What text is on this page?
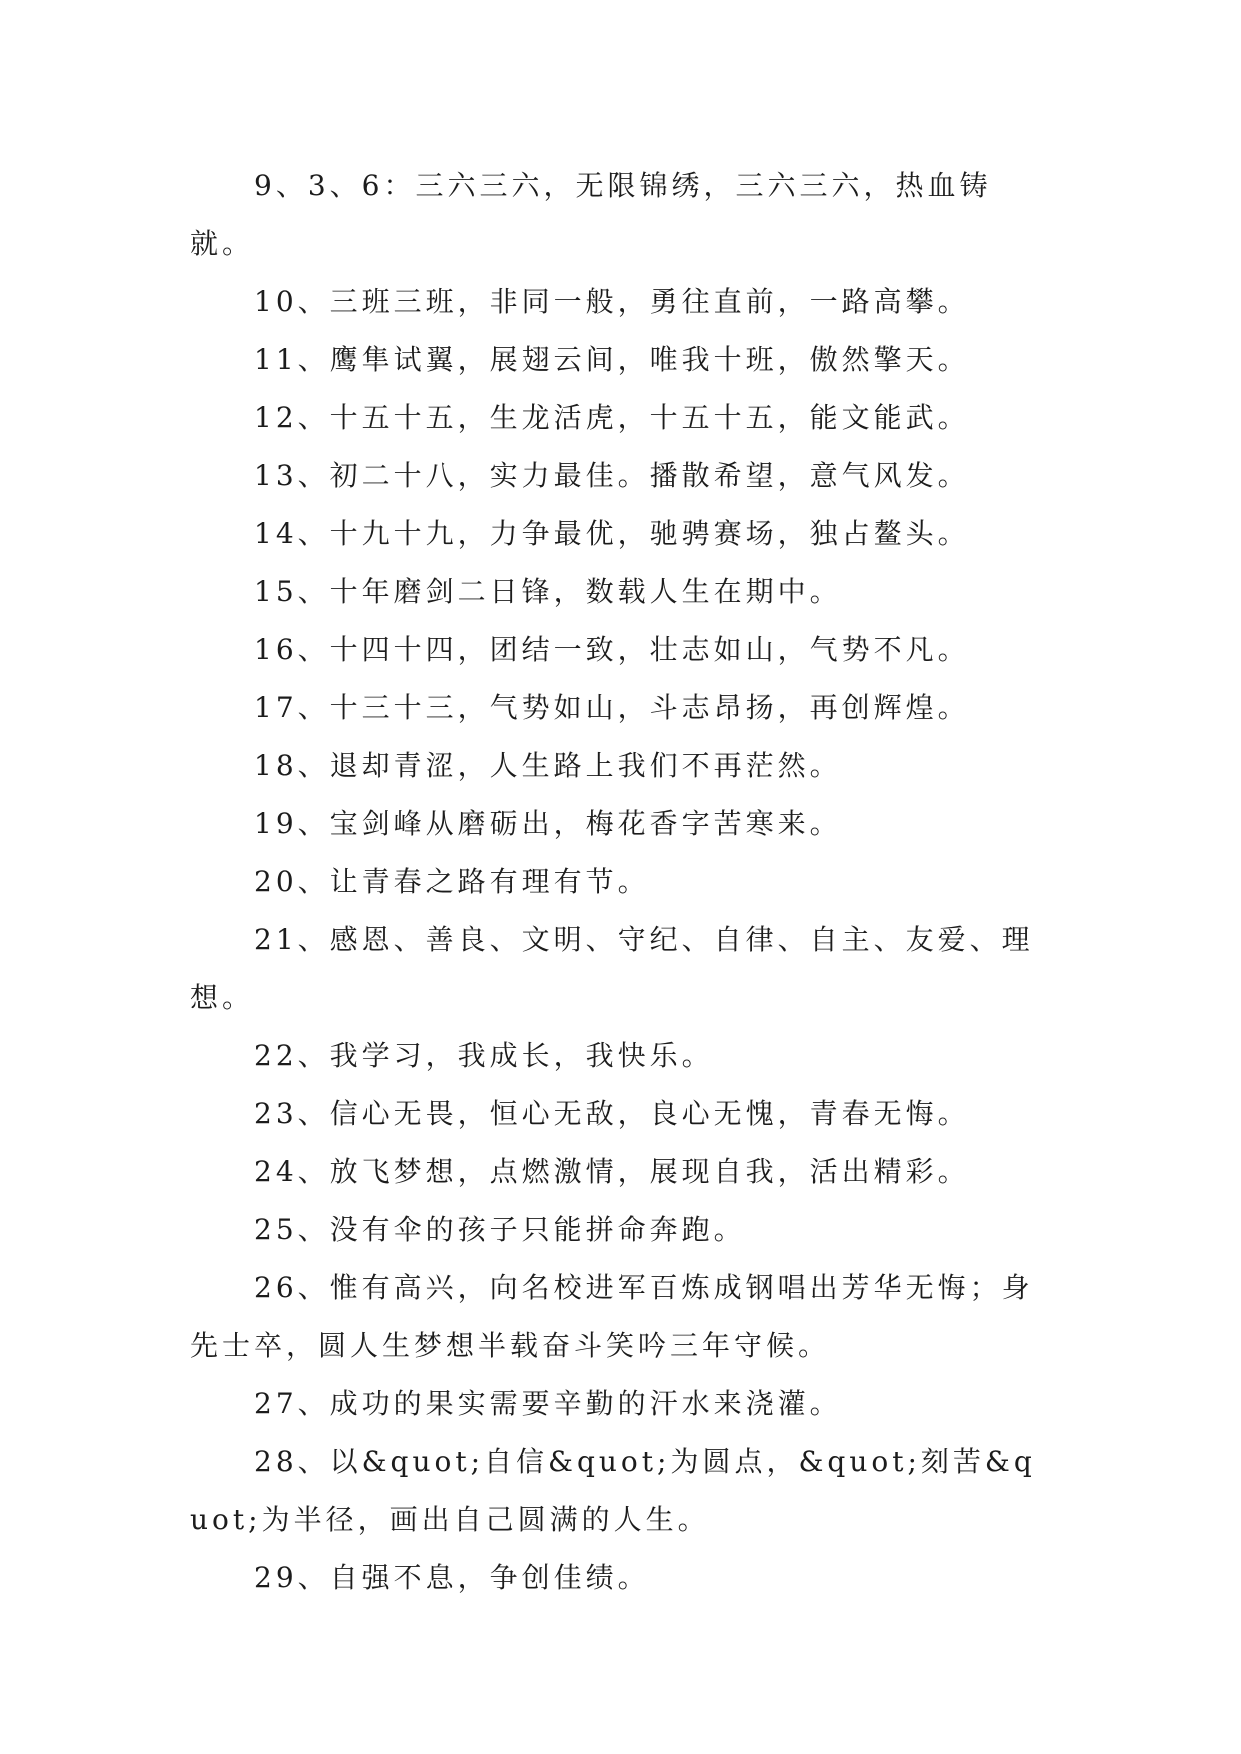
9、3、6：三六三六，无限锦绣，三六三六，热血铸就。

10、三班三班，非同一般，勇往直前，一路高攀。

11、鹰隼试翼，展翅云间，唯我十班，傲然擎天。

12、十五十五，生龙活虎，十五十五，能文能武。

13、初二十八，实力最佳。播散希望，意气风发。

14、十九十九，力争最优，驰骋赛场，独占鳌头。

15、十年磨剑二日锋，数载人生在期中。

16、十四十四，团结一致，壮志如山，气势不凡。

17、十三十三，气势如山，斗志昂扬，再创辉煌。

18、退却青涩，人生路上我们不再茫然。

19、宝剑峰从磨砺出，梅花香字苦寒来。

20、让青春之路有理有节。

21、感恩、善良、文明、守纪、自律、自主、友爱、理想。

22、我学习，我成长，我快乐。

23、信心无畏，恒心无敌，良心无愧，青春无悔。

24、放飞梦想，点燃激情，展现自我，活出精彩。

25、没有伞的孩子只能拼命奔跑。

26、惟有高兴，向名校进军百炼成钢唱出芳华无悔；身先士卒，圆人生梦想半载奋斗笑吟三年守候。

27、成功的果实需要辛勤的汗水来浇灌。

28、以&quot;自信&quot;为圆点，&quot;刻苦&quot;为半径，画出自己圆满的人生。

29、自强不息，争创佳绩。
